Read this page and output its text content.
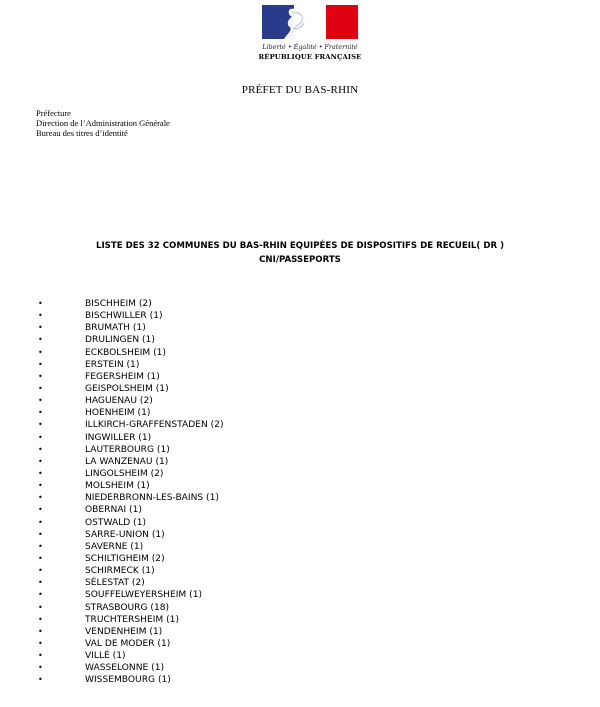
Liberté • Égalité • Fraternité
RÉPUBLIQUE FRANÇAISE
PRÉFET DU BAS-RHIN
Préfecture
Direction de l’Administration Générale
Bureau des titres d’identité
LISTE DES 32 COMMUNES DU BAS-RHIN EQUIPÉES DE DISPOSITIFS DE RECUEIL( DR )
CNI/PASSEPORTS
•	BISCHHEIM (2)
•	BISCHWILLER (1)
•	BRUMATH (1)
•	DRULINGEN (1)
•	ECKBOLSHEIM (1)
•	ERSTEIN (1)
•	FEGERSHEIM (1)
•	GEISPOLSHEIM (1)
•	HAGUENAU (2)
•	HOENHEIM (1)
•	ILLKIRCH-GRAFFENSTADEN (2)
•	INGWILLER (1)
•	LAUTERBOURG (1)
•	LA WANZENAU (1)
•	LINGOLSHEIM (2)
•	MOLSHEIM (1)
•	NIEDERBRONN-LES-BAINS (1)
•	OBERNAI (1)
•	OSTWALD (1)
•	SARRE-UNION (1)
•	SAVERNE (1)
•	SCHILTIGHEIM (2)
•	SCHIRMECK (1)
•	SÉLESTAT (2)
•	SOUFFELWEYERSHEIM (1)
•	STRASBOURG (18)
•	TRUCHTERSHEIM (1)
•	VENDENHEIM (1)
•	VAL DE MODER (1)
•	VILLÉ (1)
•	WASSELONNE (1)
•	WISSEMBOURG (1)
